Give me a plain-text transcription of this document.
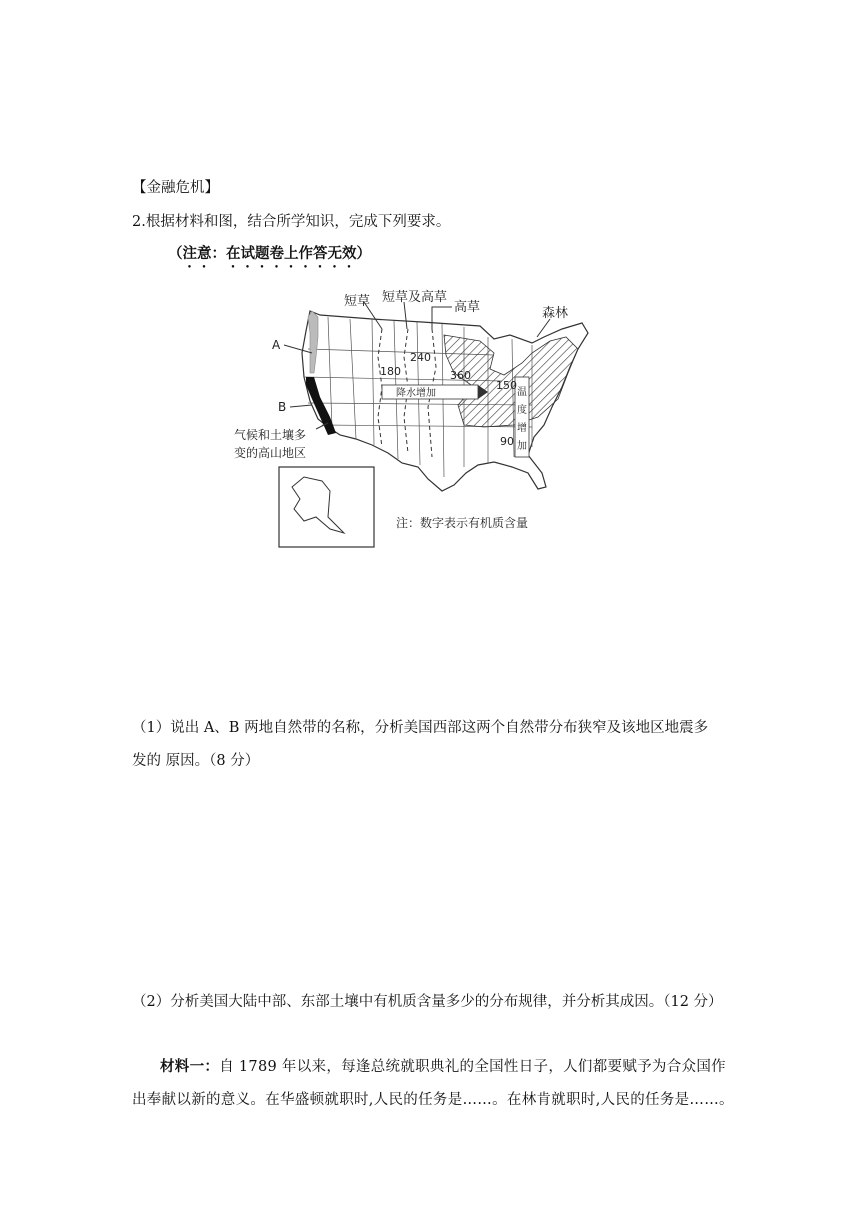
【金融危机】
2.根据材料和图，结合所学知识，完成下列要求。
（注意：在试题卷上作答无效）
降水增加	温
度
增
加
短草 短草及高草
高草	森林
A
B
气候和土壤多
变的高山地区
注：数字表示有机质含量
180
240
360
150
90
（1）说出 A、B 两地自然带的名称，分析美国西部这两个自然带分布狭窄及该地区地震多
发的 原因。（8 分）
（2）分析美国大陆中部、东部土壤中有机质含量多少的分布规律，并分析其成因。（12 分）
材料一：自 1789 年以来，每逢总统就职典礼的全国性日子，人们都要赋予为合众国作
出奉献以新的意义。在华盛顿就职时,人民的任务是……。在林肯就职时,人民的任务是……。
